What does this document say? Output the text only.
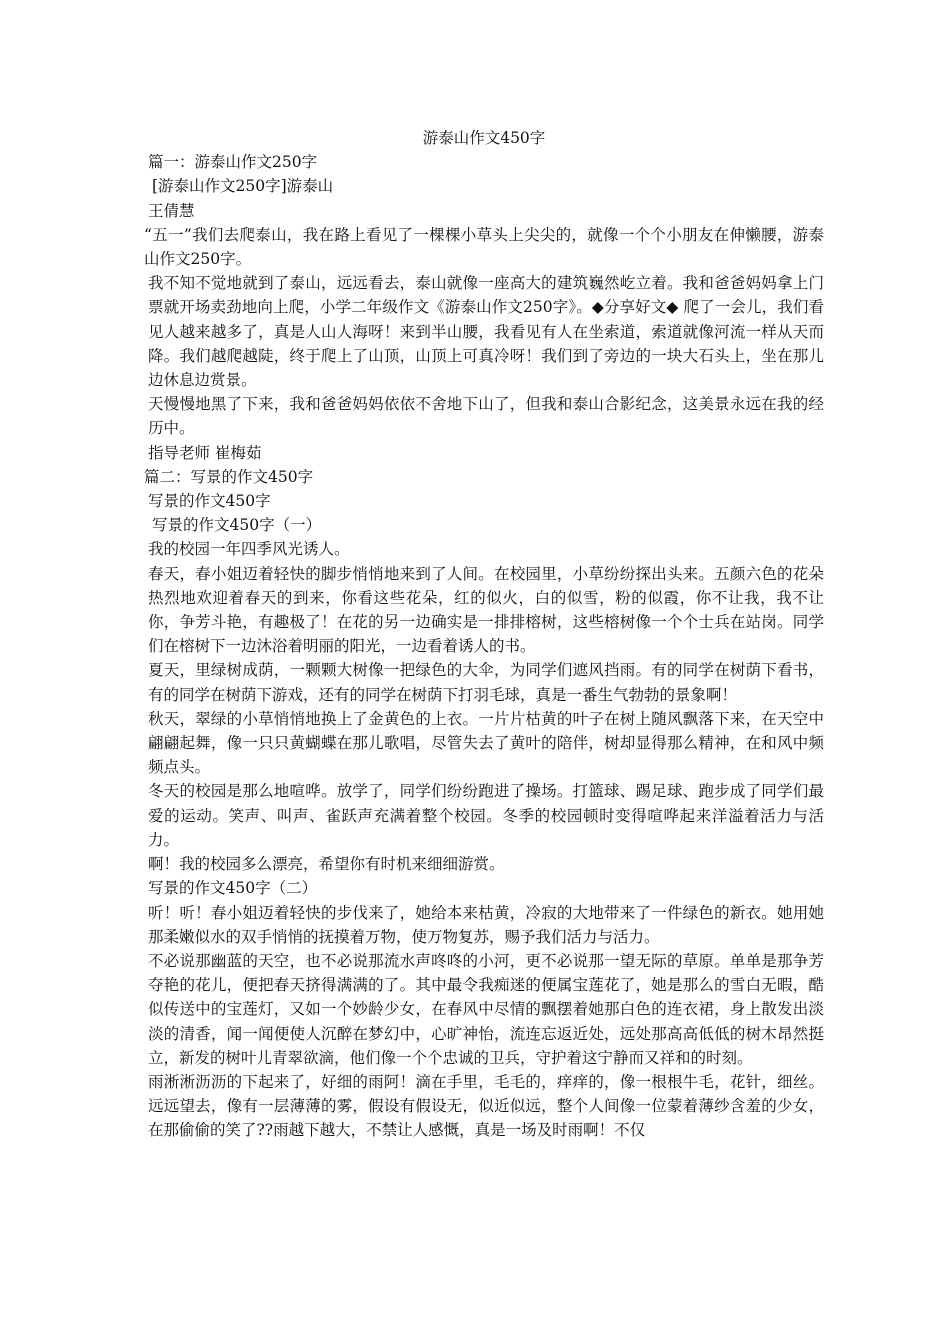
游泰山作文450字

篇一：游泰山作文250字

[游泰山作文250字]游泰山

王倩慧

“五一”我们去爬泰山，我在路上看见了一棵棵小草头上尖尖的，就像一个个小朋友在伸懒腰，游泰山作文250字。

我不知不觉地就到了泰山，远远看去，泰山就像一座高大的建筑巍然屹立着。我和爸爸妈妈拿上门票就开场卖劲地向上爬，小学二年级作文《游泰山作文250字》。◆分享好文◆ 爬了一会儿，我们看见人越来越多了，真是人山人海呀！来到半山腰，我看见有人在坐索道，索道就像河流一样从天而降。我们越爬越陡，终于爬上了山顶，山顶上可真冷呀！我们到了旁边的一块大石头上，坐在那儿边休息边赏景。

天慢慢地黑了下来，我和爸爸妈妈依依不舍地下山了，但我和泰山合影纪念，这美景永远在我的经历中。

指导老师 崔梅茹

篇二：写景的作文450字

写景的作文450字

写景的作文450字（一）

我的校园一年四季风光诱人。

春天，春小姐迈着轻快的脚步悄悄地来到了人间。在校园里，小草纷纷探出头来。五颜六色的花朵热烈地欢迎着春天的到来，你看这些花朵，红的似火，白的似雪，粉的似霞，你不让我，我不让你，争芳斗艳，有趣极了！在花的另一边确实是一排排榕树，这些榕树像一个个士兵在站岗。同学们在榕树下一边沐浴着明丽的阳光，一边看着诱人的书。

夏天，里绿树成荫，一颗颗大树像一把绿色的大伞，为同学们遮风挡雨。有的同学在树荫下看书，有的同学在树荫下游戏，还有的同学在树荫下打羽毛球，真是一番生气勃勃的景象啊！

秋天，翠绿的小草悄悄地换上了金黄色的上衣。一片片枯黄的叶子在树上随风飘落下来，在天空中翩翩起舞，像一只只黄蝴蝶在那儿歌唱，尽管失去了黄叶的陪伴，树却显得那么精神，在和风中频频点头。

冬天的校园是那么地喧哗。放学了，同学们纷纷跑进了操场。打篮球、踢足球、跑步成了同学们最爱的运动。笑声、叫声、雀跃声充满着整个校园。冬季的校园顿时变得喧哗起来洋溢着活力与活力。

啊！我的校园多么漂亮，希望你有时机来细细游赏。

写景的作文450字（二）

听！听！春小姐迈着轻快的步伐来了，她给本来枯黄，冷寂的大地带来了一件绿色的新衣。她用她那柔嫩似水的双手悄悄的抚摸着万物，使万物复苏，赐予我们活力与活力。

不必说那幽蓝的天空，也不必说那流水声咚咚的小河，更不必说那一望无际的草原。单单是那争芳夺艳的花儿，便把春天挤得满满的了。其中最令我痴迷的便属宝莲花了，她是那么的雪白无暇，酷似传送中的宝莲灯，又如一个妙龄少女，在春风中尽情的飘摆着她那白色的连衣裙，身上散发出淡淡的清香，闻一闻便使人沉醉在梦幻中，心旷神怡，流连忘返近处，远处那高高低低的树木昂然挺立，新发的树叶儿青翠欲滴，他们像一个个忠诚的卫兵，守护着这宁静而又祥和的时刻。

雨淅淅沥沥的下起来了，好细的雨阿！滴在手里，毛毛的，痒痒的，像一根根牛毛，花针，细丝。远远望去，像有一层薄薄的雾，假设有假设无，似近似远，整个人间像一位蒙着薄纱含羞的少女，在那偷偷的笑了??雨越下越大，不禁让人感慨，真是一场及时雨啊！不仅
